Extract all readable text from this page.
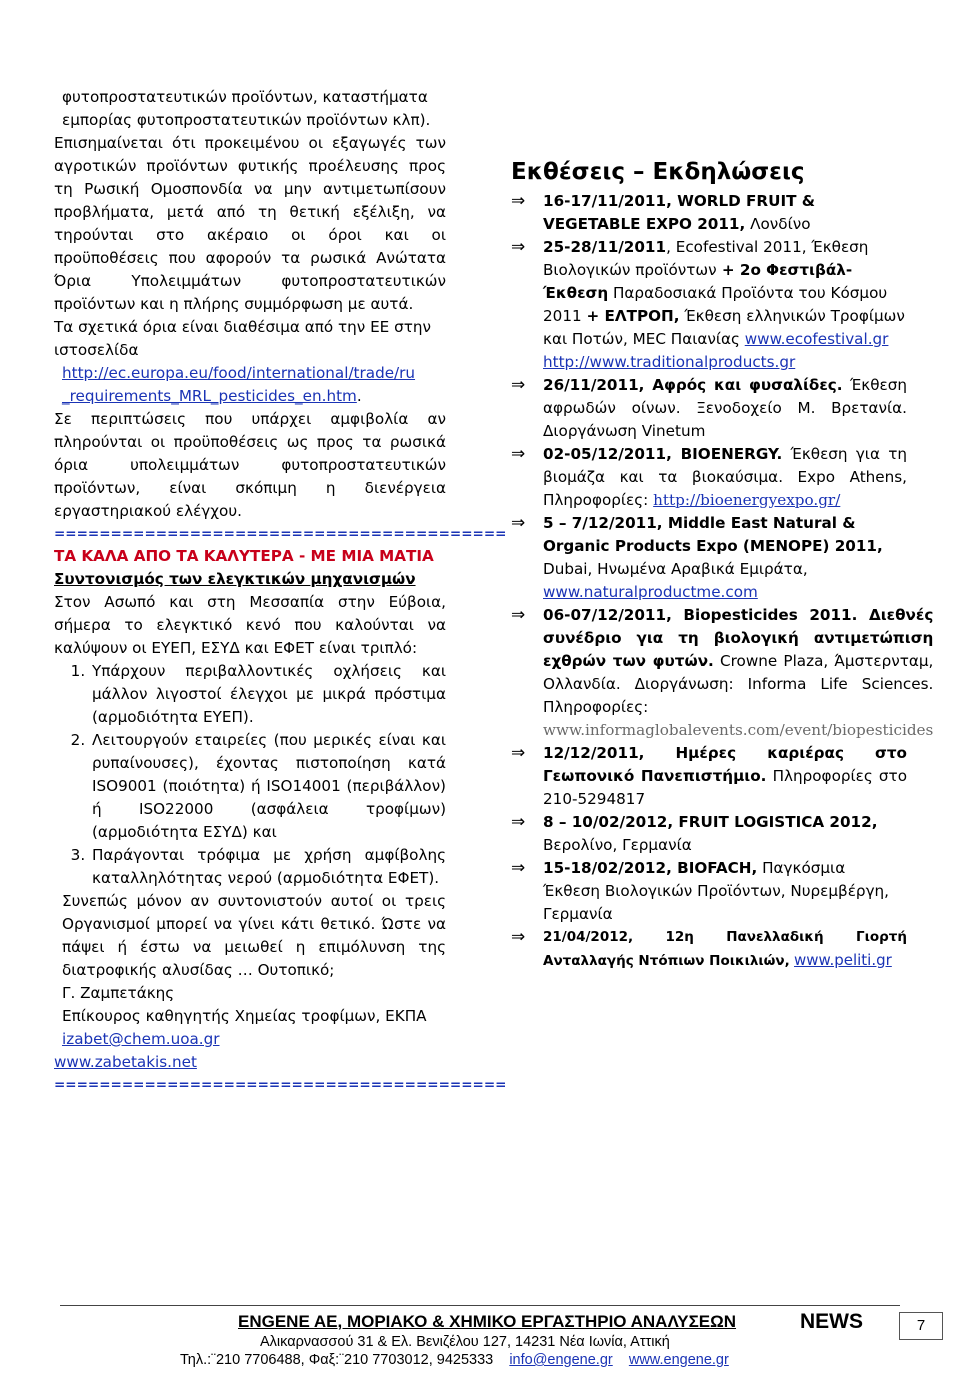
φυτοπροστατευτικών προϊόντων, καταστήματα

εμπορίας φυτοπροστατευτικών προϊόντων κλπ).

Επισημαίνεται ότι προκειμένου οι εξαγωγές των αγροτικών προϊόντων φυτικής προέλευσης προς τη Ρωσική Ομοσπονδία να μην αντιμετωπίσουν προβλήματα, μετά από τη θετική εξέλιξη, να τηρούνται στο ακέραιο οι όροι και οι προϋποθέσεις που αφορούν τα ρωσικά Ανώτατα Όρια Υπολειμμάτων φυτοπροστατευτικών προϊόντων και η πλήρης συμμόρφωση με αυτά.

Τα σχετικά όρια είναι διαθέσιμα από την ΕΕ στην ιστοσελίδα

http://ec.europa.eu/food/international/trade/ru
_requirements_MRL_pesticides_en.htm.

Σε περιπτώσεις που υπάρχει αμφιβολία αν πληρούνται οι προϋποθέσεις ως προς τα ρωσικά όρια υπολειμμάτων φυτοπροστατευτικών προϊόντων, είναι σκόπιμη η διενέργεια εργαστηριακού ελέγχου.

========================================

ΤΑ ΚΑΛΑ ΑΠΟ ΤΑ ΚΑΛΥΤΕΡΑ - ΜΕ ΜΙΑ ΜΑΤΙΑ

Συντονισμός των ελεγκτικών μηχανισμών

Στον Ασωπό και στη Μεσσαπία στην Εύβοια, σήμερα το ελεγκτικό κενό που καλούνται να καλύψουν οι ΕΥΕΠ, ΕΣΥΔ και ΕΦΕΤ είναι τριπλό:

1. Υπάρχουν περιβαλλοντικές οχλήσεις και μάλλον λιγοστοί έλεγχοι με μικρά πρόστιμα (αρμοδιότητα ΕΥΕΠ).
2. Λειτουργούν εταιρείες (που μερικές είναι και ρυπαίνουσες), έχοντας πιστοποίηση κατά ISO9001 (ποιότητα) ή ISO14001 (περιβάλλον) ή ISO22000 (ασφάλεια τροφίμων) (αρμοδιότητα ΕΣΥΔ) και
3. Παράγονται τρόφιμα με χρήση αμφίβολης καταλληλότητας νερού (αρμοδιότητα ΕΦΕΤ).

Συνεπώς μόνον αν συντονιστούν αυτοί οι τρεις Οργανισμοί μπορεί να γίνει κάτι θετικό. Ώστε να πάψει ή έστω να μειωθεί η επιμόλυνση της διατροφικής αλυσίδας … Ουτοπικό;

Γ. Ζαμπετάκης

Επίκουρος καθηγητής Χημείας τροφίμων, ΕΚΠΑ

izabet@chem.uoa.gr

www.zabetakis.net

========================================
Εκθέσεις – Εκδηλώσεις
⇒	16-17/11/2011, WORLD FRUIT & VEGETABLE EXPO 2011, Λονδίνο
⇒	25-28/11/2011, Ecofestival 2011, Έκθεση Βιολογικών προϊόντων + 2ο Φεστιβάλ-Έκθεση Παραδοσιακά Προϊόντα του Κόσμου 2011 + ΕΛΤΡΟΠ, Έκθεση ελληνικών Τροφίμων και Ποτών, ΜΕC Παιανίας www.ecofestival.gr
http://www.traditionalproducts.gr
⇒	26/11/2011, Αφρός και φυσαλίδες. Έκθεση αφρωδών οίνων. Ξενοδοχείο Μ. Βρετανία. Διοργάνωση Vinetum
⇒	02-05/12/2011, BIOENERGY. Έκθεση για τη βιομάζα και τα βιοκαύσιμα. Expo Athens, Πληροφορίες: http://bioenergyexpo.gr/
⇒	5 – 7/12/2011, Middle East Natural & Organic Products Expo (MENOPE) 2011, Dubai, Ηνωμένα Αραβικά Εμιράτα, www.naturalproductme.com
⇒	06-07/12/2011, Biopesticides 2011. Διεθνές συνέδριο για τη βιολογική αντιμετώπιση εχθρών των φυτών. Crowne Plaza, Άμστερνταμ, Ολλανδία. Διοργάνωση: Informa Life Sciences. Πληροφορίες:
www.informaglobalevents.com/event/biopesticides
⇒	12/12/2011, Ημέρες καριέρας στο Γεωπονικό Πανεπιστήμιο. Πληροφορίες στο 210-5294817
⇒	8 – 10/02/2012, FRUIT LOGISTICA 2012, Βερολίνο, Γερμανία
⇒	15-18/02/2012, BIOFACH, Παγκόσμια Έκθεση Βιολογικών Προϊόντων, Νυρεμβέργη, Γερμανία
⇒	21/04/2012, 12η Πανελλαδική Γιορτή Ανταλλαγής Ντόπιων Ποικιλιών, www.peliti.gr
ENGENE AE, ΜΟΡΙΑΚΟ & ΧΗΜΙΚΟ ΕΡΓΑΣΤΗΡΙΟ ΑΝΑΛΥΣΕΩΝ	NEWS	7
Αλικαρνασσού 31 & Ελ. Βενιζέλου 127, 14231 Νέα Ιωνία, Αττική
Τηλ.:¨210 7706488, Φαξ:¨210 7703012, 9425333 info@engene.gr www.engene.gr
